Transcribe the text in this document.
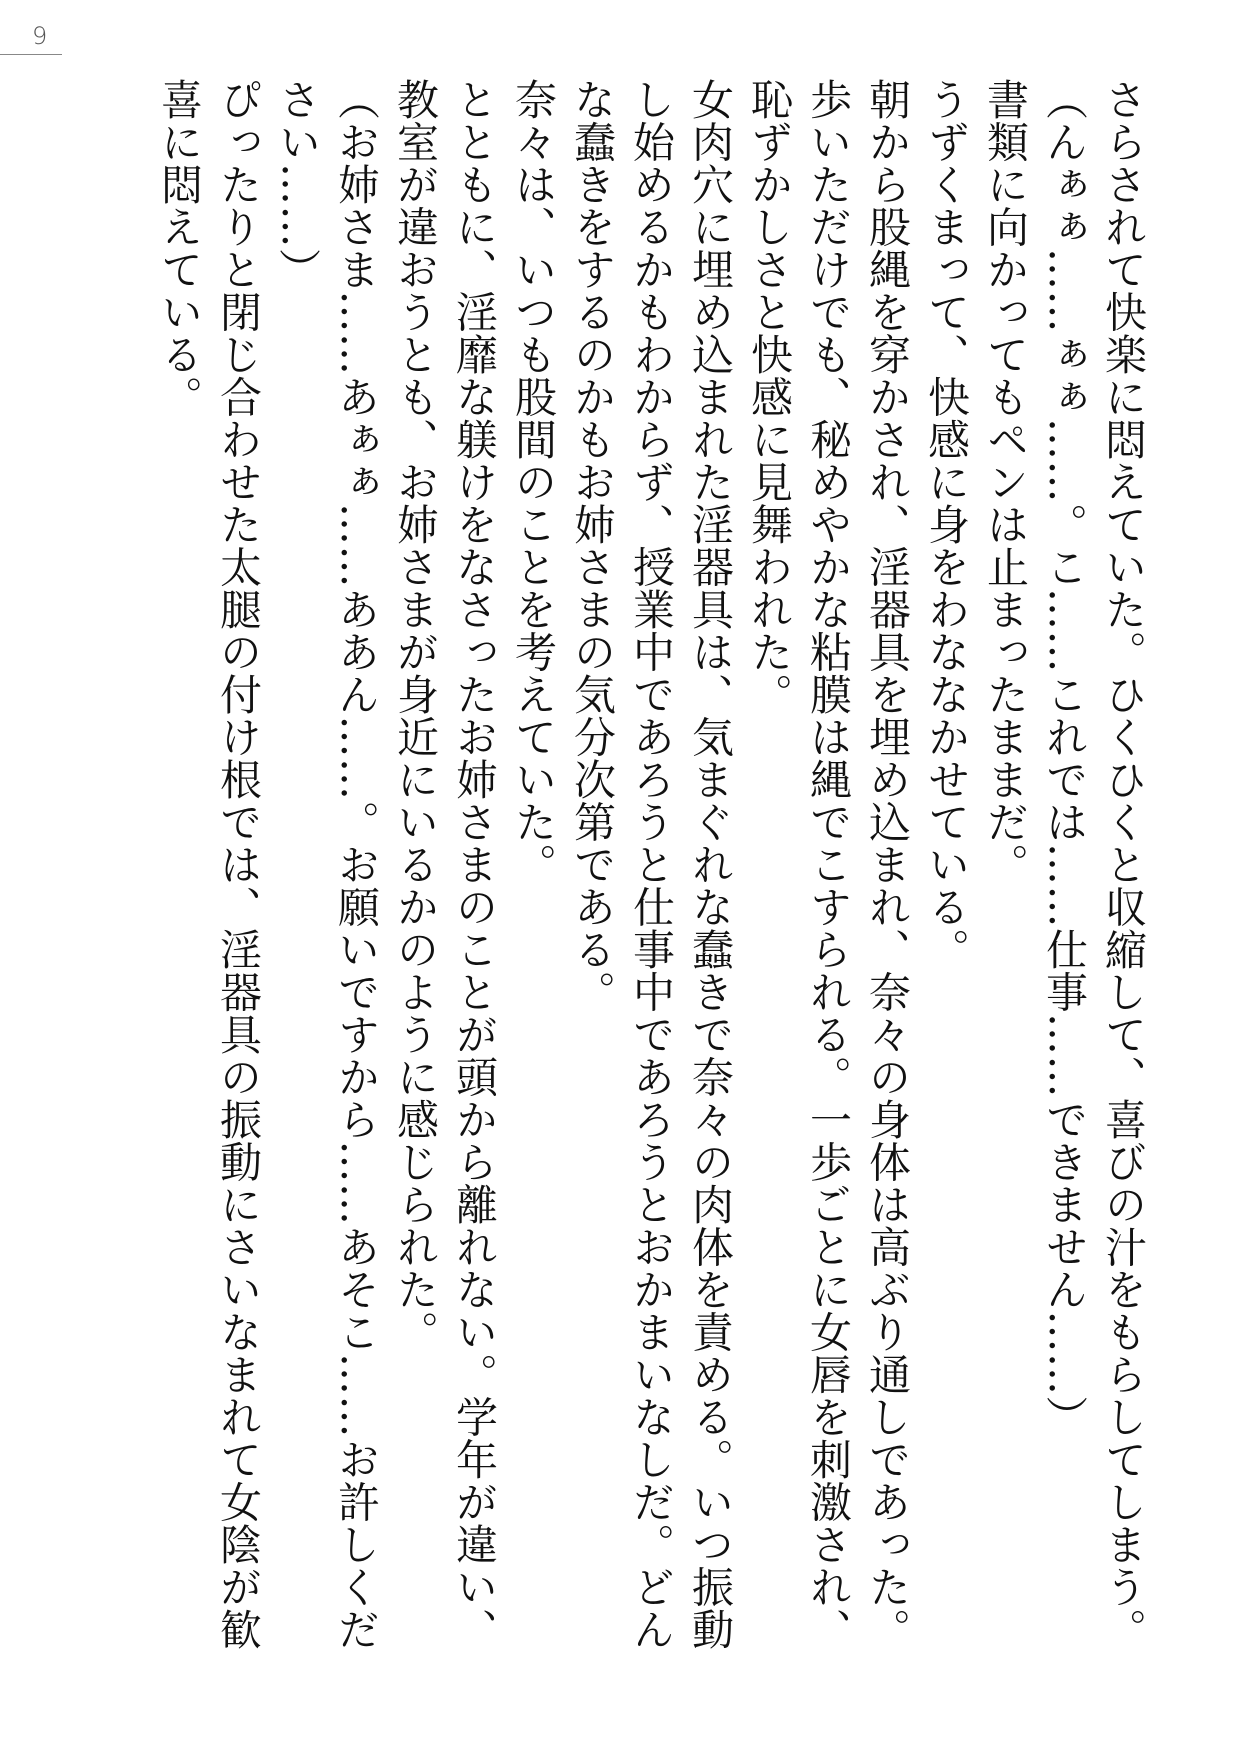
9

さらされて快楽に悶えていた。ひくひくと収縮して、喜びの汁をもらしてしまう。

（んぁぁ……ぁぁ……。こ……これでは……仕事……できません……）

書類に向かってもペンは止まったままだ。

うずくまって、快感に身をわななかせている。

朝から股縄を穿かされ、淫器具を埋め込まれ、奈々の身体は高ぶり通しであった。

歩いただけでも、秘めやかな粘膜は縄でこすられる。一歩ごとに女唇を刺激され、恥ずかしさと快感に見舞われた。

女肉穴に埋め込まれた淫器具は、気まぐれな蠢きで奈々の肉体を責める。いつ振動し始めるかもわからず、授業中であろうと仕事中であろうとおかまいなしだ。どんな蠢きをするのかもお姉さまの気分次第である。

奈々は、いつも股間のことを考えていた。

とともに、淫靡な躾けをなさったお姉さまのことが頭から離れない。学年が違い、教室が違おうとも、お姉さまが身近にいるかのように感じられた。

（お姉さま……あぁぁ……ああん……。お願いですから……あそこ……お許しください……）

ぴったりと閉じ合わせた太腿の付け根では、淫器具の振動にさいなまれて女陰が歓喜に悶えている。
